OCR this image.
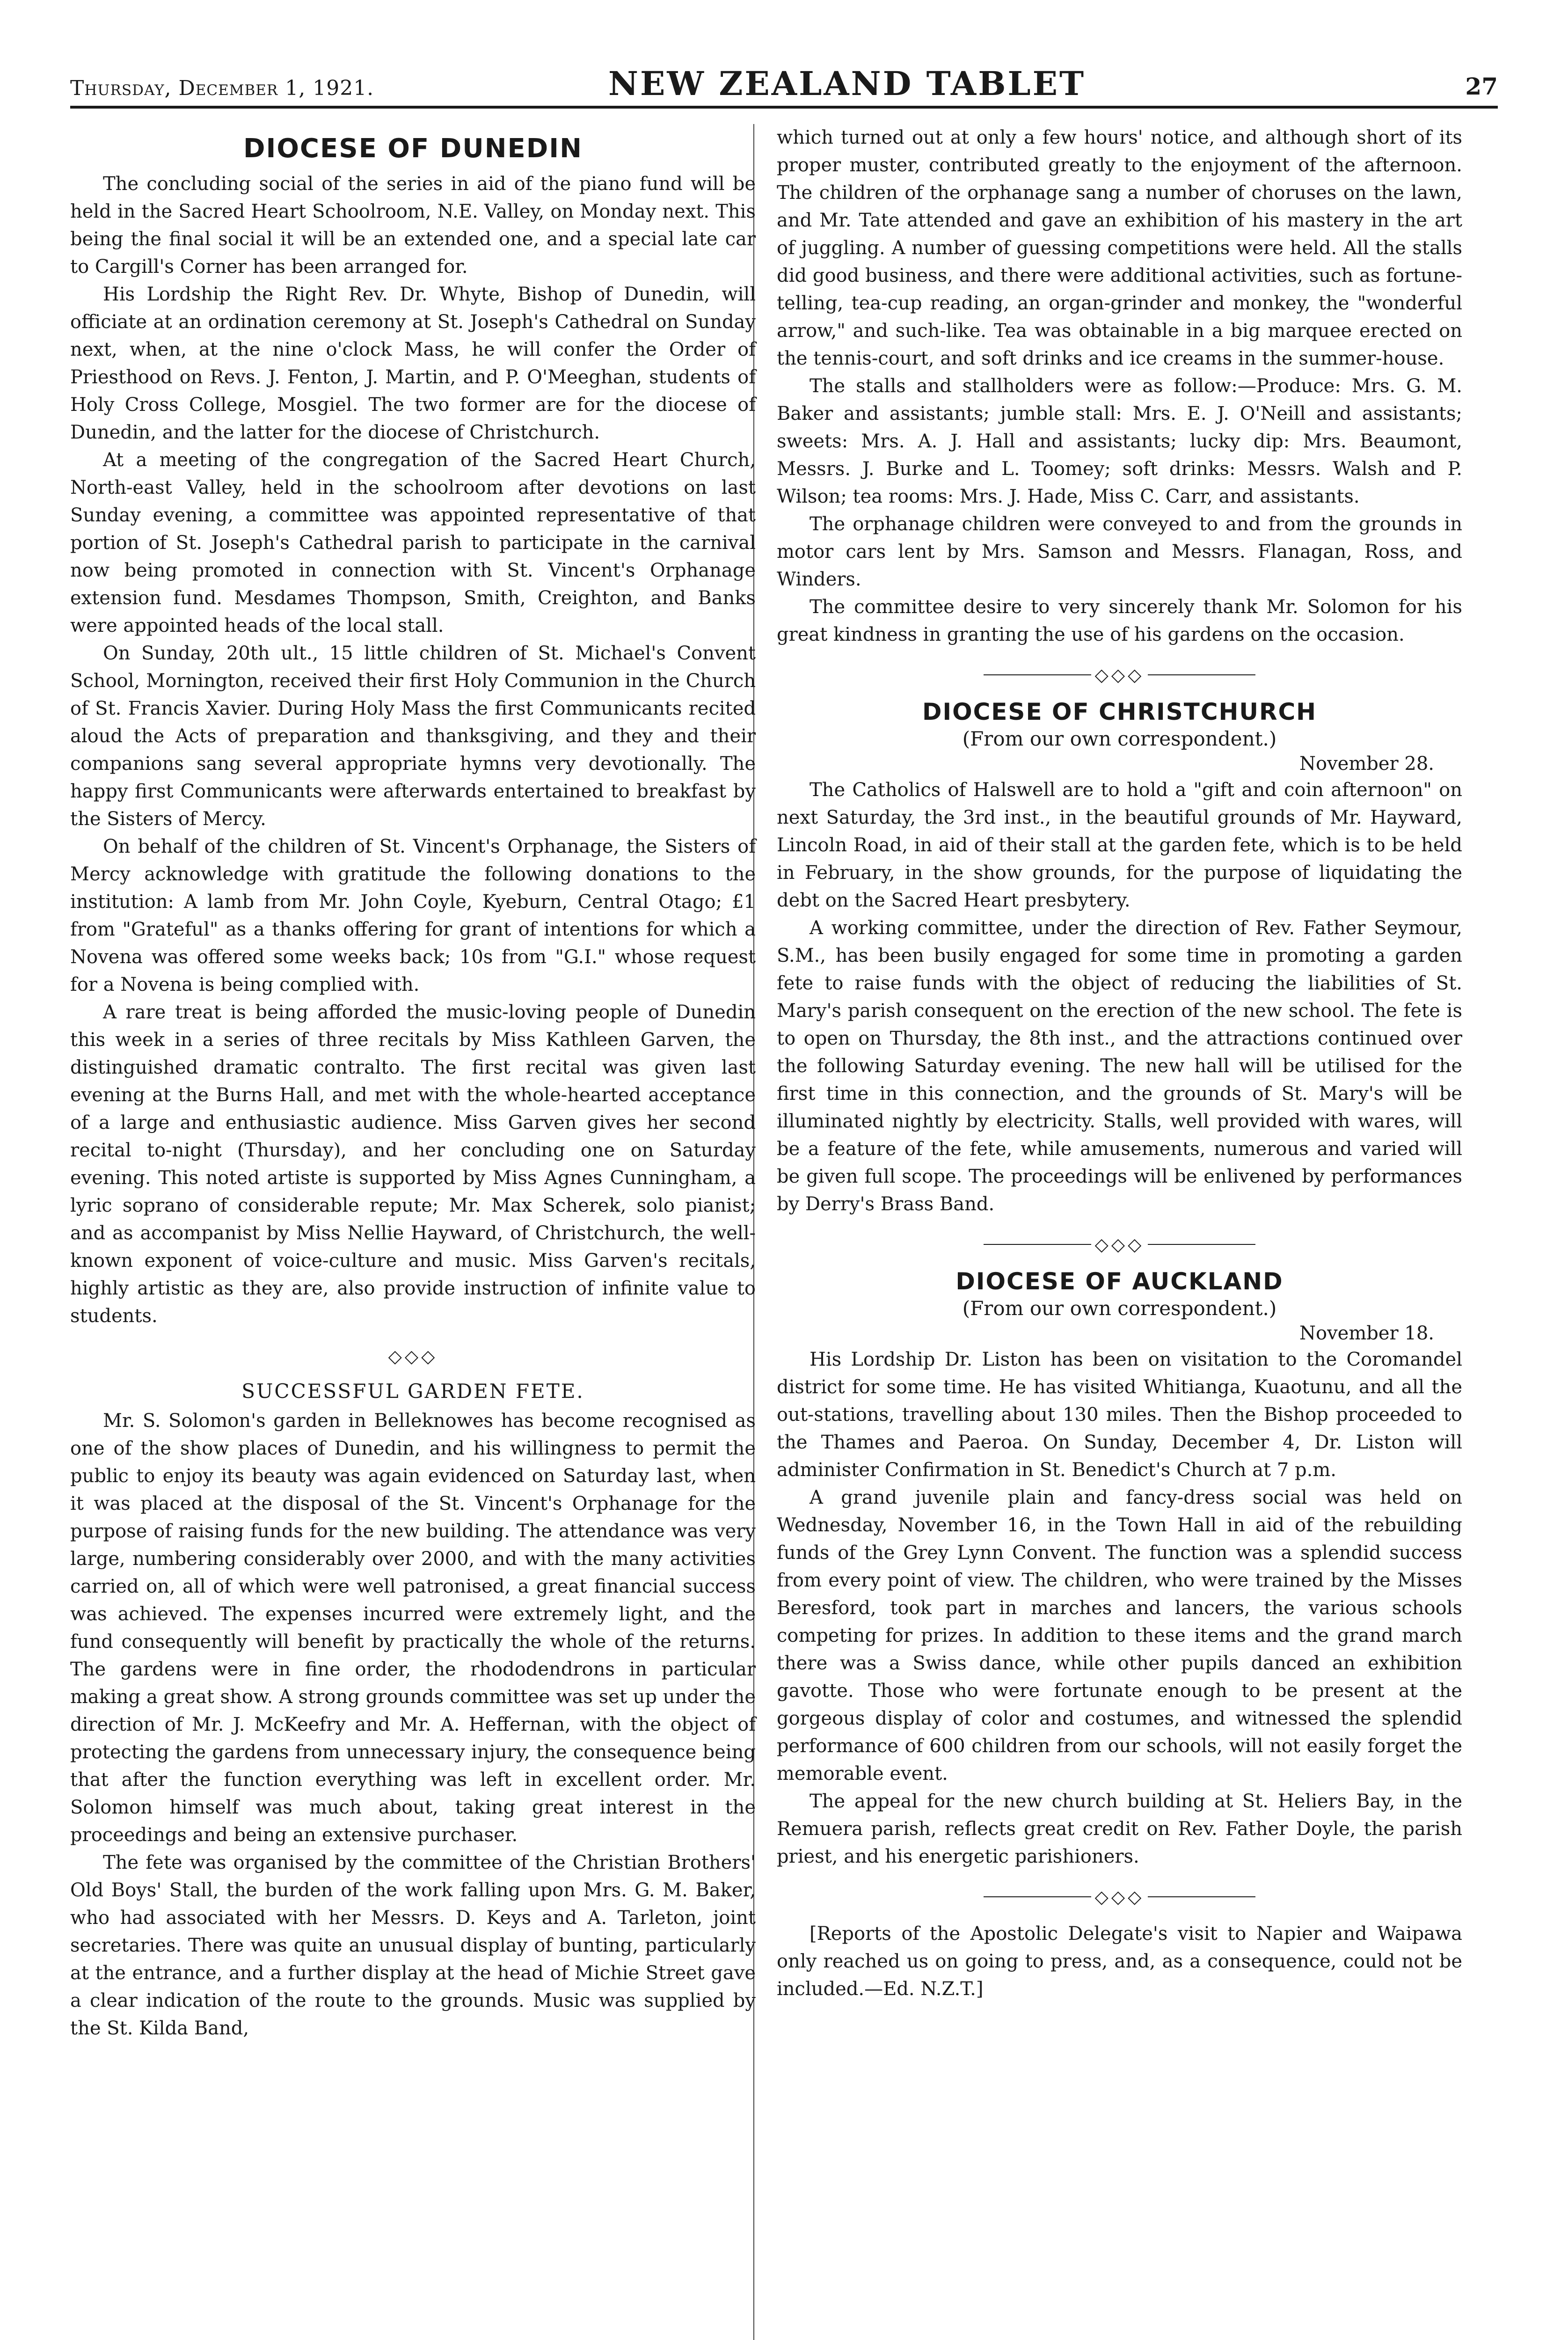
Thursday, December 1, 1921.	NEW ZEALAND TABLET	27
DIOCESE OF DUNEDIN

The concluding social of the series in aid of the piano fund will be held in the Sacred Heart Schoolroom, N.E. Valley, on Monday next. This being the final social it will be an extended one, and a special late car to Cargill's Corner has been arranged for.

His Lordship the Right Rev. Dr. Whyte, Bishop of Dunedin, will officiate at an ordination ceremony at St. Joseph's Cathedral on Sunday next, when, at the nine o'clock Mass, he will confer the Order of Priesthood on Revs. J. Fenton, J. Martin, and P. O'Meeghan, students of Holy Cross College, Mosgiel. The two former are for the diocese of Dunedin, and the latter for the diocese of Christchurch.

At a meeting of the congregation of the Sacred Heart Church, North-east Valley, held in the schoolroom after devotions on last Sunday evening, a committee was appointed representative of that portion of St. Joseph's Cathedral parish to participate in the carnival now being promoted in connection with St. Vincent's Orphanage extension fund. Mesdames Thompson, Smith, Creighton, and Banks were appointed heads of the local stall.

On Sunday, 20th ult., 15 little children of St. Michael's Convent School, Mornington, received their first Holy Communion in the Church of St. Francis Xavier. During Holy Mass the first Communicants recited aloud the Acts of preparation and thanksgiving, and they and their companions sang several appropriate hymns very devotionally. The happy first Communicants were afterwards entertained to breakfast by the Sisters of Mercy.

On behalf of the children of St. Vincent's Orphanage, the Sisters of Mercy acknowledge with gratitude the following donations to the institution: A lamb from Mr. John Coyle, Kyeburn, Central Otago; £1 from "Grateful" as a thanks offering for grant of intentions for which a Novena was offered some weeks back; 10s from "G.I." whose request for a Novena is being complied with.

A rare treat is being afforded the music-loving people of Dunedin this week in a series of three recitals by Miss Kathleen Garven, the distinguished dramatic contralto. The first recital was given last evening at the Burns Hall, and met with the whole-hearted acceptance of a large and enthusiastic audience. Miss Garven gives her second recital to-night (Thursday), and her concluding one on Saturday evening. This noted artiste is supported by Miss Agnes Cunningham, a lyric soprano of considerable repute; Mr. Max Scherek, solo pianist; and as accompanist by Miss Nellie Hayward, of Christchurch, the well-known exponent of voice-culture and music. Miss Garven's recitals, highly artistic as they are, also provide instruction of infinite value to students.

◇◇◇
SUCCESSFUL GARDEN FETE.

Mr. S. Solomon's garden in Belleknowes has become recognised as one of the show places of Dunedin, and his willingness to permit the public to enjoy its beauty was again evidenced on Saturday last, when it was placed at the disposal of the St. Vincent's Orphanage for the purpose of raising funds for the new building. The attendance was very large, numbering considerably over 2000, and with the many activities carried on, all of which were well patronised, a great financial success was achieved. The expenses incurred were extremely light, and the fund consequently will benefit by practically the whole of the returns. The gardens were in fine order, the rhododendrons in particular making a great show. A strong grounds committee was set up under the direction of Mr. J. McKeefry and Mr. A. Heffernan, with the object of protecting the gardens from unnecessary injury, the consequence being that after the function everything was left in excellent order. Mr. Solomon himself was much about, taking great interest in the proceedings and being an extensive purchaser.

The fete was organised by the committee of the Christian Brothers' Old Boys' Stall, the burden of the work falling upon Mrs. G. M. Baker, who had associated with her Messrs. D. Keys and A. Tarleton, joint secretaries. There was quite an unusual display of bunting, particularly at the entrance, and a further display at the head of Michie Street gave a clear indication of the route to the grounds. Music was supplied by the St. Kilda Band,

which turned out at only a few hours' notice, and although short of its proper muster, contributed greatly to the enjoyment of the afternoon. The children of the orphanage sang a number of choruses on the lawn, and Mr. Tate attended and gave an exhibition of his mastery in the art of juggling. A number of guessing competitions were held. All the stalls did good business, and there were additional activities, such as fortune-telling, tea-cup reading, an organ-grinder and monkey, the "wonderful arrow," and such-like. Tea was obtainable in a big marquee erected on the tennis-court, and soft drinks and ice creams in the summer-house.

The stalls and stallholders were as follow:—Produce: Mrs. G. M. Baker and assistants; jumble stall: Mrs. E. J. O'Neill and assistants; sweets: Mrs. A. J. Hall and assistants; lucky dip: Mrs. Beaumont, Messrs. J. Burke and L. Toomey; soft drinks: Messrs. Walsh and P. Wilson; tea rooms: Mrs. J. Hade, Miss C. Carr, and assistants.

The orphanage children were conveyed to and from the grounds in motor cars lent by Mrs. Samson and Messrs. Flanagan, Ross, and Winders.

The committee desire to very sincerely thank Mr. Solomon for his great kindness in granting the use of his gardens on the occasion.

◇◇◇
DIOCESE OF CHRISTCHURCH
(From our own correspondent.)
November 28.

The Catholics of Halswell are to hold a "gift and coin afternoon" on next Saturday, the 3rd inst., in the beautiful grounds of Mr. Hayward, Lincoln Road, in aid of their stall at the garden fete, which is to be held in February, in the show grounds, for the purpose of liquidating the debt on the Sacred Heart presbytery.

A working committee, under the direction of Rev. Father Seymour, S.M., has been busily engaged for some time in promoting a garden fete to raise funds with the object of reducing the liabilities of St. Mary's parish consequent on the erection of the new school. The fete is to open on Thursday, the 8th inst., and the attractions continued over the following Saturday evening. The new hall will be utilised for the first time in this connection, and the grounds of St. Mary's will be illuminated nightly by electricity. Stalls, well provided with wares, will be a feature of the fete, while amusements, numerous and varied will be given full scope. The proceedings will be enlivened by performances by Derry's Brass Band.

◇◇◇
DIOCESE OF AUCKLAND
(From our own correspondent.)
November 18.

His Lordship Dr. Liston has been on visitation to the Coromandel district for some time. He has visited Whitianga, Kuaotunu, and all the out-stations, travelling about 130 miles. Then the Bishop proceeded to the Thames and Paeroa. On Sunday, December 4, Dr. Liston will administer Confirmation in St. Benedict's Church at 7 p.m.

A grand juvenile plain and fancy-dress social was held on Wednesday, November 16, in the Town Hall in aid of the rebuilding funds of the Grey Lynn Convent. The function was a splendid success from every point of view. The children, who were trained by the Misses Beresford, took part in marches and lancers, the various schools competing for prizes. In addition to these items and the grand march there was a Swiss dance, while other pupils danced an exhibition gavotte. Those who were fortunate enough to be present at the gorgeous display of color and costumes, and witnessed the splendid performance of 600 children from our schools, will not easily forget the memorable event.

The appeal for the new church building at St. Heliers Bay, in the Remuera parish, reflects great credit on Rev. Father Doyle, the parish priest, and his energetic parishioners.

◇◇◇

[Reports of the Apostolic Delegate's visit to Napier and Waipawa only reached us on going to press, and, as a consequence, could not be included.—Ed. N.Z.T.]
